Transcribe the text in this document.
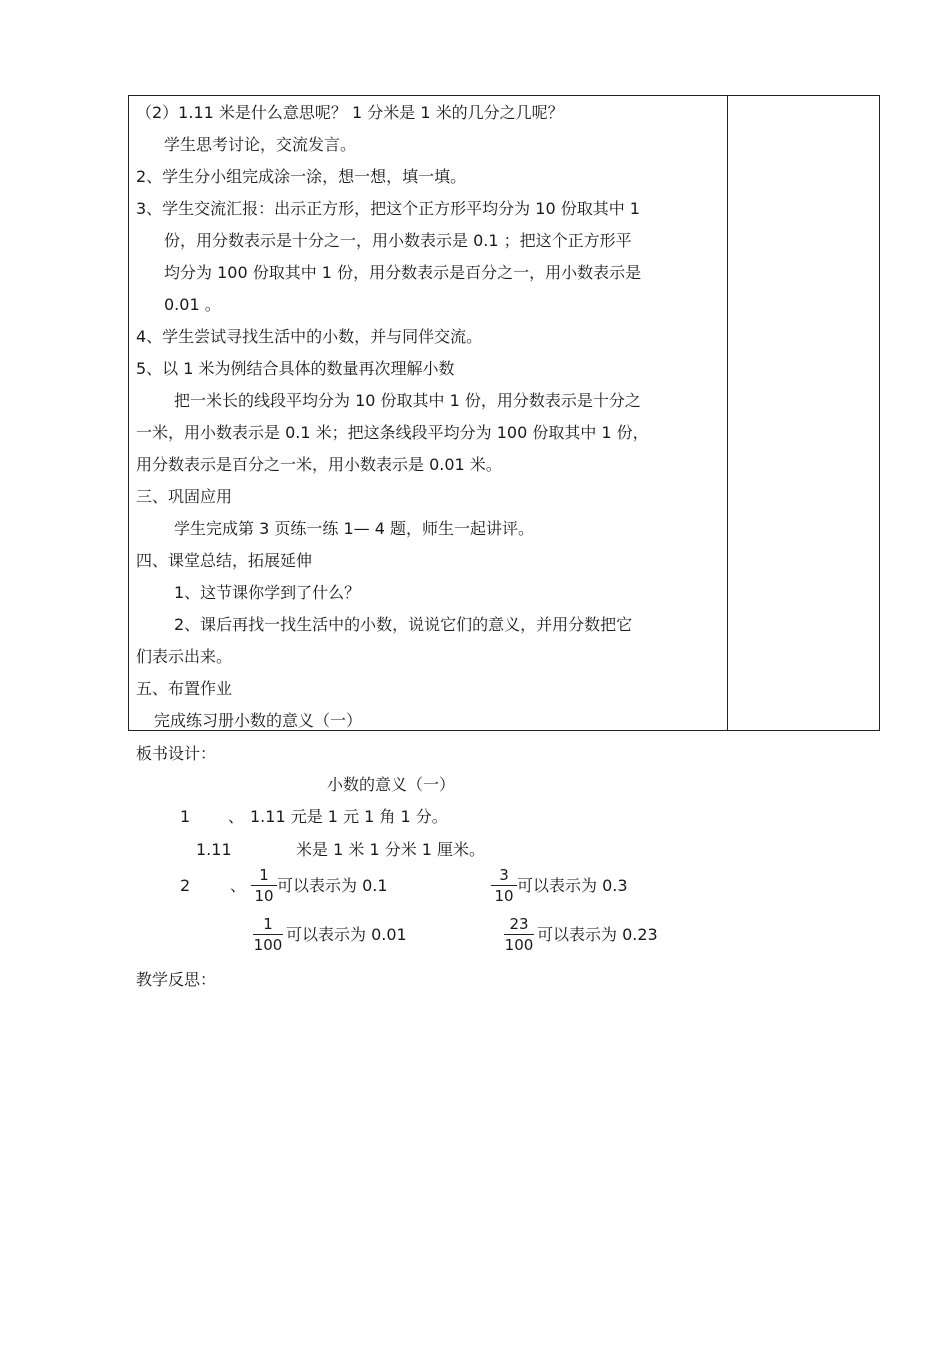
（2）1.11 米是什么意思呢？ 1 分米是 1 米的几分之几呢？
学生思考讨论，交流发言。
2、学生分小组完成涂一涂，想一想，填一填。
3、学生交流汇报：出示正方形，把这个正方形平均分为 10 份取其中 1
份，用分数表示是十分之一，用小数表示是 0.1 ；把这个正方形平
均分为 100 份取其中 1 份，用分数表示是百分之一，用小数表示是
0.01 。
4、学生尝试寻找生活中的小数，并与同伴交流。
5、以 1 米为例结合具体的数量再次理解小数
把一米长的线段平均分为 10 份取其中 1 份，用分数表示是十分之
一米，用小数表示是 0.1 米；把这条线段平均分为 100 份取其中 1 份，
用分数表示是百分之一米，用小数表示是 0.01 米。
三、巩固应用
学生完成第 3 页练一练 1— 4 题，师生一起讲评。
四、课堂总结，拓展延伸
1、这节课你学到了什么？
2、课后再找一找生活中的小数，说说它们的意义，并用分数把它
们表示出来。
五、布置作业
完成练习册小数的意义（一）
板书设计：
小数的意义（一）
1 、 1.11 元是 1 元 1 角 1 分。
1.11	米是 1 米 1 分米 1 厘米。
2 、
1
10
可以表示为 0.1
3
10
可以表示为 0.3
1
100
可以表示为 0.01
23
100
可以表示为 0.23
教学反思：
